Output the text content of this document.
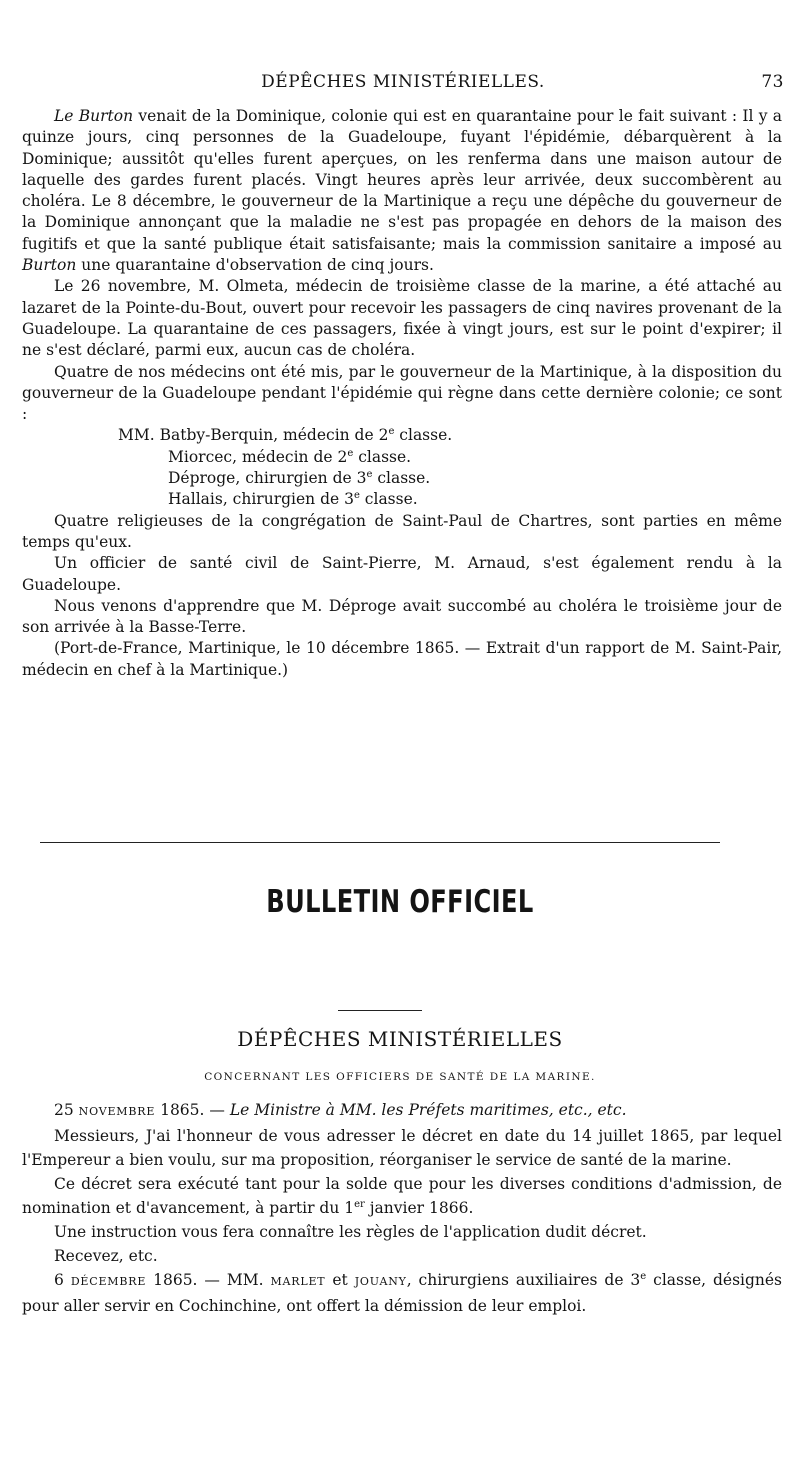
DÉPÊCHES MINISTÉRIELLES.	73

Le Burton venait de la Dominique, colonie qui est en quarantaine pour le fait suivant : Il y a quinze jours, cinq personnes de la Guadeloupe, fuyant l'épidémie, débarquèrent à la Dominique; aussitôt qu'elles furent aperçues, on les renferma dans une maison autour de laquelle des gardes furent placés. Vingt heures après leur arrivée, deux succombèrent au choléra. Le 8 décembre, le gouverneur de la Martinique a reçu une dépêche du gouverneur de la Dominique annonçant que la maladie ne s'est pas propagée en dehors de la maison des fugitifs et que la santé publique était satisfaisante; mais la commission sanitaire a imposé au Burton une quarantaine d'observation de cinq jours.

Le 26 novembre, M. Olmeta, médecin de troisième classe de la marine, a été attaché au lazaret de la Pointe-du-Bout, ouvert pour recevoir les passagers de cinq navires provenant de la Guadeloupe. La quarantaine de ces passagers, fixée à vingt jours, est sur le point d'expirer; il ne s'est déclaré, parmi eux, aucun cas de choléra.

Quatre de nos médecins ont été mis, par le gouverneur de la Martinique, à la disposition du gouverneur de la Guadeloupe pendant l'épidémie qui règne dans cette dernière colonie; ce sont :

MM. Batby-Berquin, médecin de 2e classe.
Miorcec, médecin de 2e classe.
Déproge, chirurgien de 3e classe.
Hallais, chirurgien de 3e classe.

Quatre religieuses de la congrégation de Saint-Paul de Chartres, sont parties en même temps qu'eux.

Un officier de santé civil de Saint-Pierre, M. Arnaud, s'est également rendu à la Guadeloupe.

Nous venons d'apprendre que M. Déproge avait succombé au choléra le troisième jour de son arrivée à la Basse-Terre.

(Port-de-France, Martinique, le 10 décembre 1865. — Extrait d'un rapport de M. Saint-Pair, médecin en chef à la Martinique.)

BULLETIN OFFICIEL
DÉPÊCHES MINISTÉRIELLES
CONCERNANT LES OFFICIERS DE SANTÉ DE LA MARINE.

25 NOVEMBRE 1865. — Le Ministre à MM. les Préfets maritimes, etc., etc.

Messieurs, J'ai l'honneur de vous adresser le décret en date du 14 juillet 1865, par lequel l'Empereur a bien voulu, sur ma proposition, réorganiser le service de santé de la marine.

Ce décret sera exécuté tant pour la solde que pour les diverses conditions d'admission, de nomination et d'avancement, à partir du 1er janvier 1866.

Une instruction vous fera connaître les règles de l'application dudit décret.

Recevez, etc.

6 DÉCEMBRE 1865. — MM. MARLET et JOUANY, chirurgiens auxiliaires de 3e classe, désignés pour aller servir en Cochinchine, ont offert la démission de leur emploi.
